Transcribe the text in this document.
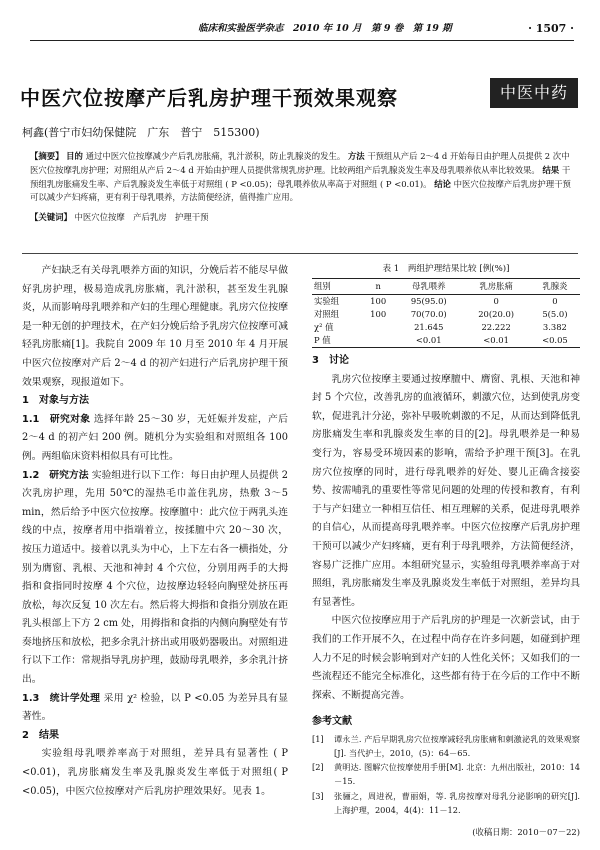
临床和实验医学杂志　2010 年 10 月　第 9 卷　第 19 期	· 1507 ·
中医穴位按摩产后乳房护理干预效果观察	中医中药
柯鑫(普宁市妇幼保健院　广东　普宁　515300)

【摘要】 目的 通过中医穴位按摩减少产后乳房胀痛，乳汁淤积，防止乳腺炎的发生。 方法 干预组从产后 2～4 d 开始每日由护理人员提供 2 次中医穴位按摩乳房护理；对照组从产后 2～4 d 开始由护理人员提供常规乳房护理。比较两组产后乳腺炎发生率及母乳喂养依从率比较效果。 结果 干预组乳房胀痛发生率、产后乳腺炎发生率低于对照组 ( P <0.05)；母乳喂养依从率高于对照组 ( P <0.01)。 结论 中医穴位按摩产后乳房护理干预可以减少产妇疼痛，更有利于母乳喂养，方法简便经济，值得推广应用。

【关键词】 中医穴位按摩　产后乳房　护理干预

产妇缺乏有关母乳喂养方面的知识，分娩后若不能尽早做好乳房护理，极易造成乳房胀痛，乳汁淤积，甚至发生乳腺炎，从而影响母乳喂养和产妇的生理心理健康。乳房穴位按摩是一种无创的护理技术，在产妇分娩后给予乳房穴位按摩可减轻乳房胀痛[1]。我院自 2009 年 10 月至 2010 年 4 月开展中医穴位按摩对产后 2～4 d 的初产妇进行产后乳房护理干预效果观察，现报道如下。

1　对象与方法

1.1　研究对象 选择年龄 25～30 岁，无妊娠并发症，产后 2～4 d 的初产妇 200 例。随机分为实验组和对照组各 100 例。两组临床资料相似具有可比性。

1.2　研究方法 实验组进行以下工作：每日由护理人员提供 2 次乳房护理，先用 50℃的湿热毛巾盖住乳房，热敷 3～5 min，然后给予中医穴位按摩。按摩膻中：此穴位于两乳头连线的中点，按摩者用中指端着立，按揉膻中穴 20～30 次，按压力道适中。接着以乳头为中心，上下左右各一横指处，分别为膺窗、乳根、天池和神封 4 个穴位，分别用两手的大拇指和食指同时按摩 4 个穴位，边按摩边轻轻向胸壁处挤压再放松，每次反复 10 次左右。然后将大拇指和食指分别放在距乳头根部上下方 2 cm 处，用拇指和食指的内侧向胸壁处有节奏地挤压和放松，把多余乳汁挤出或用吸奶器吸出。对照组进行以下工作：常规指导乳房护理，鼓励母乳喂养，多余乳汁挤出。

1.3　统计学处理 采用 χ² 检验，以 P <0.05 为差异具有显著性。

2　结果

实验组母乳喂养率高于对照组，差异具有显著性 ( P <0.01)，乳房胀痛发生率及乳腺炎发生率低于对照组( P <0.05)，中医穴位按摩对产后乳房护理效果好。见表 1。

表 1　两组护理结果比较 [例(%)]
组别	n	母乳喂养	乳房胀痛	乳腺炎
实验组	100	95(95.0)	0	0
对照组	100	70(70.0)	20(20.0)	5(5.0)
χ² 值		21.645	22.222	3.382
P 值		<0.01	<0.01	<0.05

3　讨论

乳房穴位按摩主要通过按摩膻中、膺窗、乳根、天池和神封 5 个穴位，改善乳房的血液循环，刺激穴位，达到使乳房变软，促进乳汁分泌，弥补早吸吮刺激的不足，从而达到降低乳房胀痛发生率和乳腺炎发生率的目的[2]。母乳喂养是一种易变行为，容易受环境因素的影响，需给予护理干预[3]。在乳房穴位按摩的同时，进行母乳喂养的好处、婴儿正确含接姿势、按需哺乳的重要性等常见问题的处理的传授和教育，有利于与产妇建立一种相互信任、相互理解的关系，促进母乳喂养的自信心，从而提高母乳喂养率。中医穴位按摩产后乳房护理干预可以减少产妇疼痛，更有利于母乳喂养，方法简便经济，容易广泛推广应用。本组研究显示，实验组母乳喂养率高于对照组，乳房胀痛发生率及乳腺炎发生率低于对照组，差异均具有显著性。

中医穴位按摩应用于产后乳房的护理是一次新尝试，由于我们的工作开展不久，在过程中尚存在许多问题，如碰到护理人力不足的时候会影响到对产妇的人性化关怀；又如我们的一些流程还不能完全标准化，这些都有待于在今后的工作中不断探索、不断提高完善。

参考文献

[1]	谭永兰. 产后早期乳房穴位按摩减轻乳房胀痛和刺激泌乳的效果观察[J]. 当代护士，2010，(5)：64－65.
[2]	黄明达. 图解穴位按摩使用手册[M]. 北京：九州出版社，2010：14－15.
[3]	张骊之，周进祝，曹丽娟，等. 乳房按摩对母乳分泌影响的研究[J]. 上海护理，2004，4(4)：11－12.

(收稿日期：2010－07－22)
